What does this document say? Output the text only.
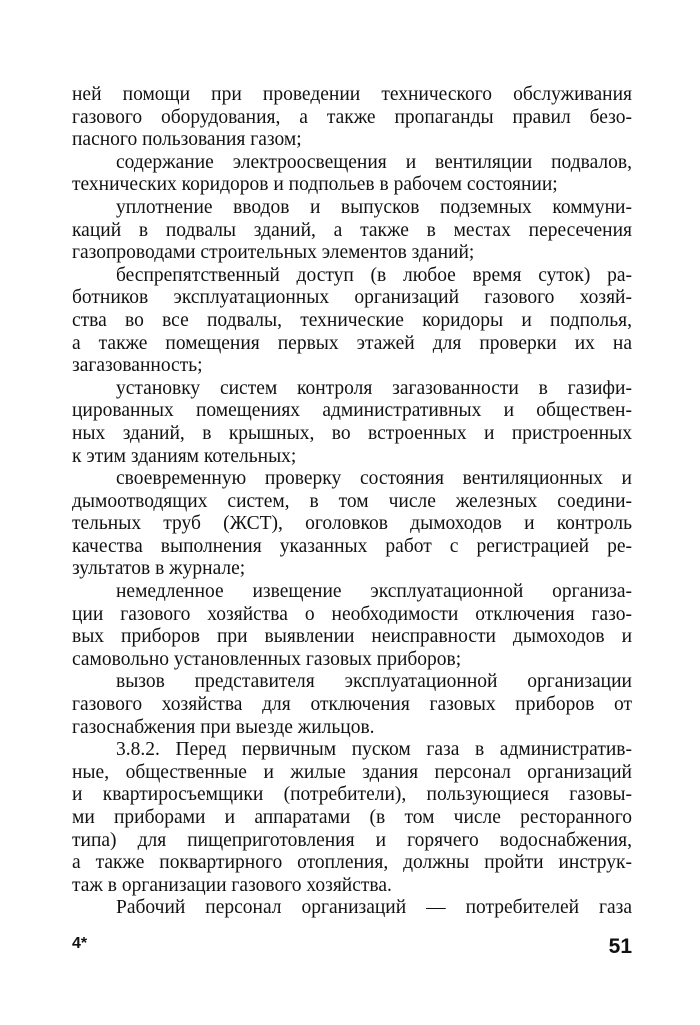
ней помощи при проведении технического обслуживания
газового оборудования, а также пропаганды правил безо-
пасного пользования газом;
содержание электроосвещения и вентиляции подвалов,
технических коридоров и подпольев в рабочем состоянии;
уплотнение вводов и выпусков подземных коммуни-
каций в подвалы зданий, а также в местах пересечения
газопроводами строительных элементов зданий;
беспрепятственный доступ (в любое время суток) ра-
ботников эксплуатационных организаций газового хозяй-
ства во все подвалы, технические коридоры и подполья,
а также помещения первых этажей для проверки их на
загазованность;
установку систем контроля загазованности в газифи-
цированных помещениях административных и обществен-
ных зданий, в крышных, во встроенных и пристроенных
к этим зданиям котельных;
своевременную проверку состояния вентиляционных и
дымоотводящих систем, в том числе железных соедини-
тельных труб (ЖСТ), оголовков дымоходов и контроль
качества выполнения указанных работ с регистрацией ре-
зультатов в журнале;
немедленное извещение эксплуатационной организа-
ции газового хозяйства о необходимости отключения газо-
вых приборов при выявлении неисправности дымоходов и
самовольно установленных газовых приборов;
вызов представителя эксплуатационной организации
газового хозяйства для отключения газовых приборов от
газоснабжения при выезде жильцов.
3.8.2. Перед первичным пуском газа в административ-
ные, общественные и жилые здания персонал организаций
и квартиросъемщики (потребители), пользующиеся газовы-
ми приборами и аппаратами (в том числе ресторанного
типа) для пищеприготовления и горячего водоснабжения,
а также поквартирного отопления, должны пройти инструк-
таж в организации газового хозяйства.
Рабочий персонал организаций — потребителей газа
4*	51
